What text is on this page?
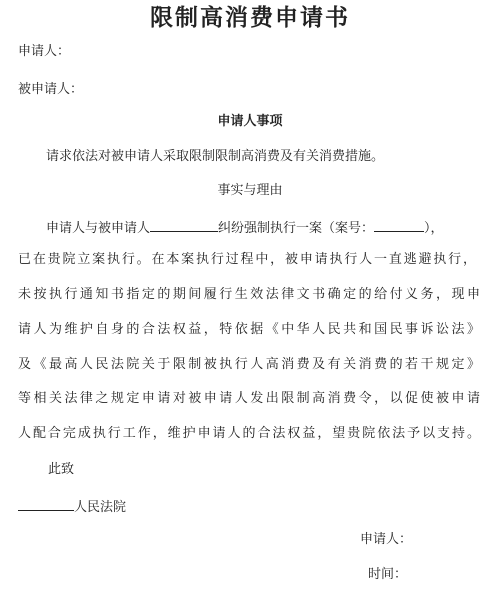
限制高消费申请书
申请人：
被申请人：
申请人事项
请求依法对被申请人采取限制限制高消费及有关消费措施。
事实与理由
申请人与被申请人	纠纷强制执行一案（案号：	），
已在贵院立案执行。在本案执行过程中，被申请执行人一直逃避执行，
未按执行通知书指定的期间履行生效法律文书确定的给付义务，现申
请人为维护自身的合法权益，特依据《中华人民共和国民事诉讼法》
及《最高人民法院关于限制被执行人高消费及有关消费的若干规定》
等相关法律之规定申请对被申请人发出限制高消费令，以促使被申请
人配合完成执行工作，维护申请人的合法权益，望贵院依法予以支持。
此致
人民法院
申请人：
时间：
